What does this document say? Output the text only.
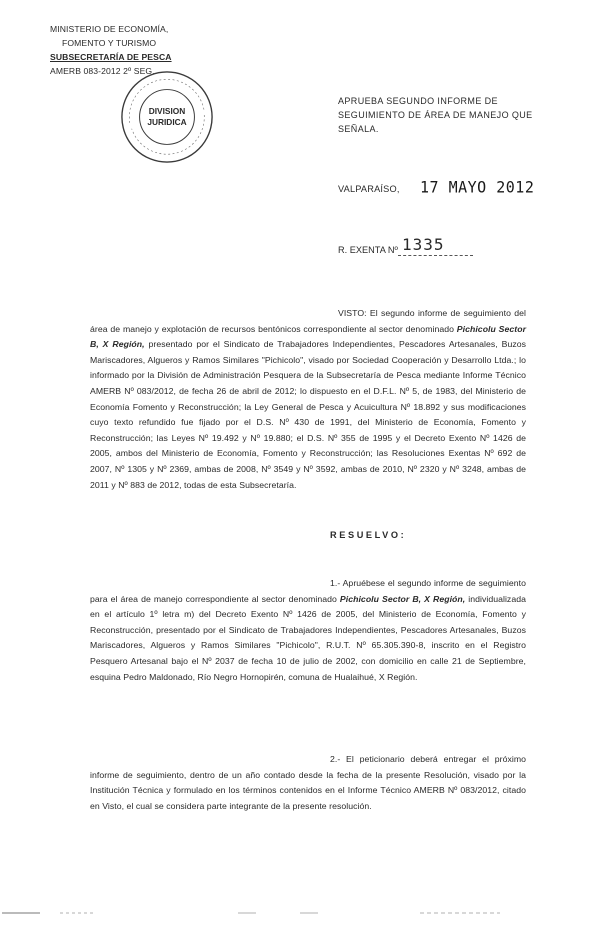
MINISTERIO DE ECONOMÍA,
FOMENTO Y TURISMO
SUBSECRETARÍA DE PESCA
AMERB 083-2012 2º SEG.
DIVISION
JURIDICA
APRUEBA SEGUNDO INFORME DE SEGUIMIENTO DE ÁREA DE MANEJO QUE SEÑALA.
VALPARAÍSO, 17 MAYO 2012
R. EXENTA Nº 1335
VISTO: El segundo informe de seguimiento del área de manejo y explotación de recursos bentónicos correspondiente al sector denominado Pichicolu Sector B, X Región, presentado por el Sindicato de Trabajadores Independientes, Pescadores Artesanales, Buzos Mariscadores, Algueros y Ramos Similares "Pichicolo", visado por Sociedad Cooperación y Desarrollo Ltda.; lo informado por la División de Administración Pesquera de la Subsecretaría de Pesca mediante Informe Técnico AMERB Nº 083/2012, de fecha 26 de abril de 2012; lo dispuesto en el D.F.L. Nº 5, de 1983, del Ministerio de Economía Fomento y Reconstrucción; la Ley General de Pesca y Acuicultura Nº 18.892 y sus modificaciones cuyo texto refundido fue fijado por el D.S. Nº 430 de 1991, del Ministerio de Economía, Fomento y Reconstrucción; las Leyes Nº 19.492 y Nº 19.880; el D.S. Nº 355 de 1995 y el Decreto Exento Nº 1426 de 2005, ambos del Ministerio de Economía, Fomento y Reconstrucción; las Resoluciones Exentas Nº 692 de 2007, Nº 1305 y Nº 2369, ambas de 2008, Nº 3549 y Nº 3592, ambas de 2010, Nº 2320 y Nº 3248, ambas de 2011 y Nº 883 de 2012, todas de esta Subsecretaría.
RESUELVO:
1.- Apruébese el segundo informe de seguimiento para el área de manejo correspondiente al sector denominado Pichicolu Sector B, X Región, individualizada en el artículo 1º letra m) del Decreto Exento Nº 1426 de 2005, del Ministerio de Economía, Fomento y Reconstrucción, presentado por el Sindicato de Trabajadores Independientes, Pescadores Artesanales, Buzos Mariscadores, Algueros y Ramos Similares "Pichicolo", R.U.T. Nº 65.305.390-8, inscrito en el Registro Pesquero Artesanal bajo el Nº 2037 de fecha 10 de julio de 2002, con domicilio en calle 21 de Septiembre, esquina Pedro Maldonado, Río Negro Hornopirén, comuna de Hualaihué, X Región.
2.- El peticionario deberá entregar el próximo informe de seguimiento, dentro de un año contado desde la fecha de la presente Resolución, visado por la Institución Técnica y formulado en los términos contenidos en el Informe Técnico AMERB Nº 083/2012, citado en Visto, el cual se considera parte integrante de la presente resolución.
